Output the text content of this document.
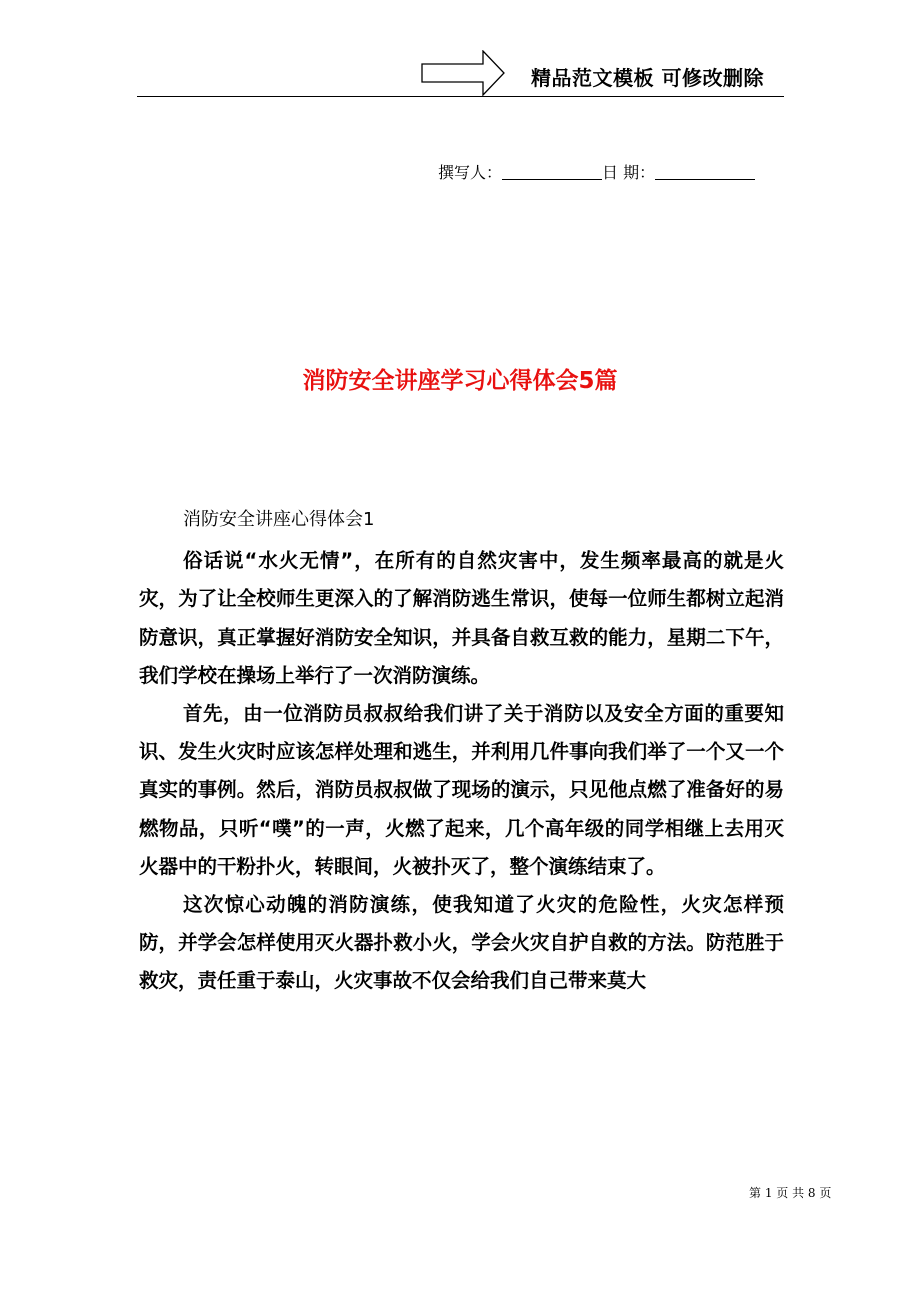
精品范文模板 可修改删除
撰写人：	日 期：
消防安全讲座学习心得体会5篇

消防安全讲座心得体会1

俗话说“水火无情”，在所有的自然灾害中，发生频率最高的就是火灾，为了让全校师生更深入的了解消防逃生常识，使每一位师生都树立起消防意识，真正掌握好消防安全知识，并具备自救互救的能力，星期二下午，我们学校在操场上举行了一次消防演练。

首先，由一位消防员叔叔给我们讲了关于消防以及安全方面的重要知识、发生火灾时应该怎样处理和逃生，并利用几件事向我们举了一个又一个真实的事例。然后，消防员叔叔做了现场的演示，只见他点燃了准备好的易燃物品，只听“噗”的一声，火燃了起来，几个高年级的同学相继上去用灭火器中的干粉扑火，转眼间，火被扑灭了，整个演练结束了。

这次惊心动魄的消防演练，使我知道了火灾的危险性，火灾怎样预防，并学会怎样使用灭火器扑救小火，学会火灾自护自救的方法。防范胜于救灾，责任重于泰山，火灾事故不仅会给我们自己带来莫大

第 1 页 共 8 页
